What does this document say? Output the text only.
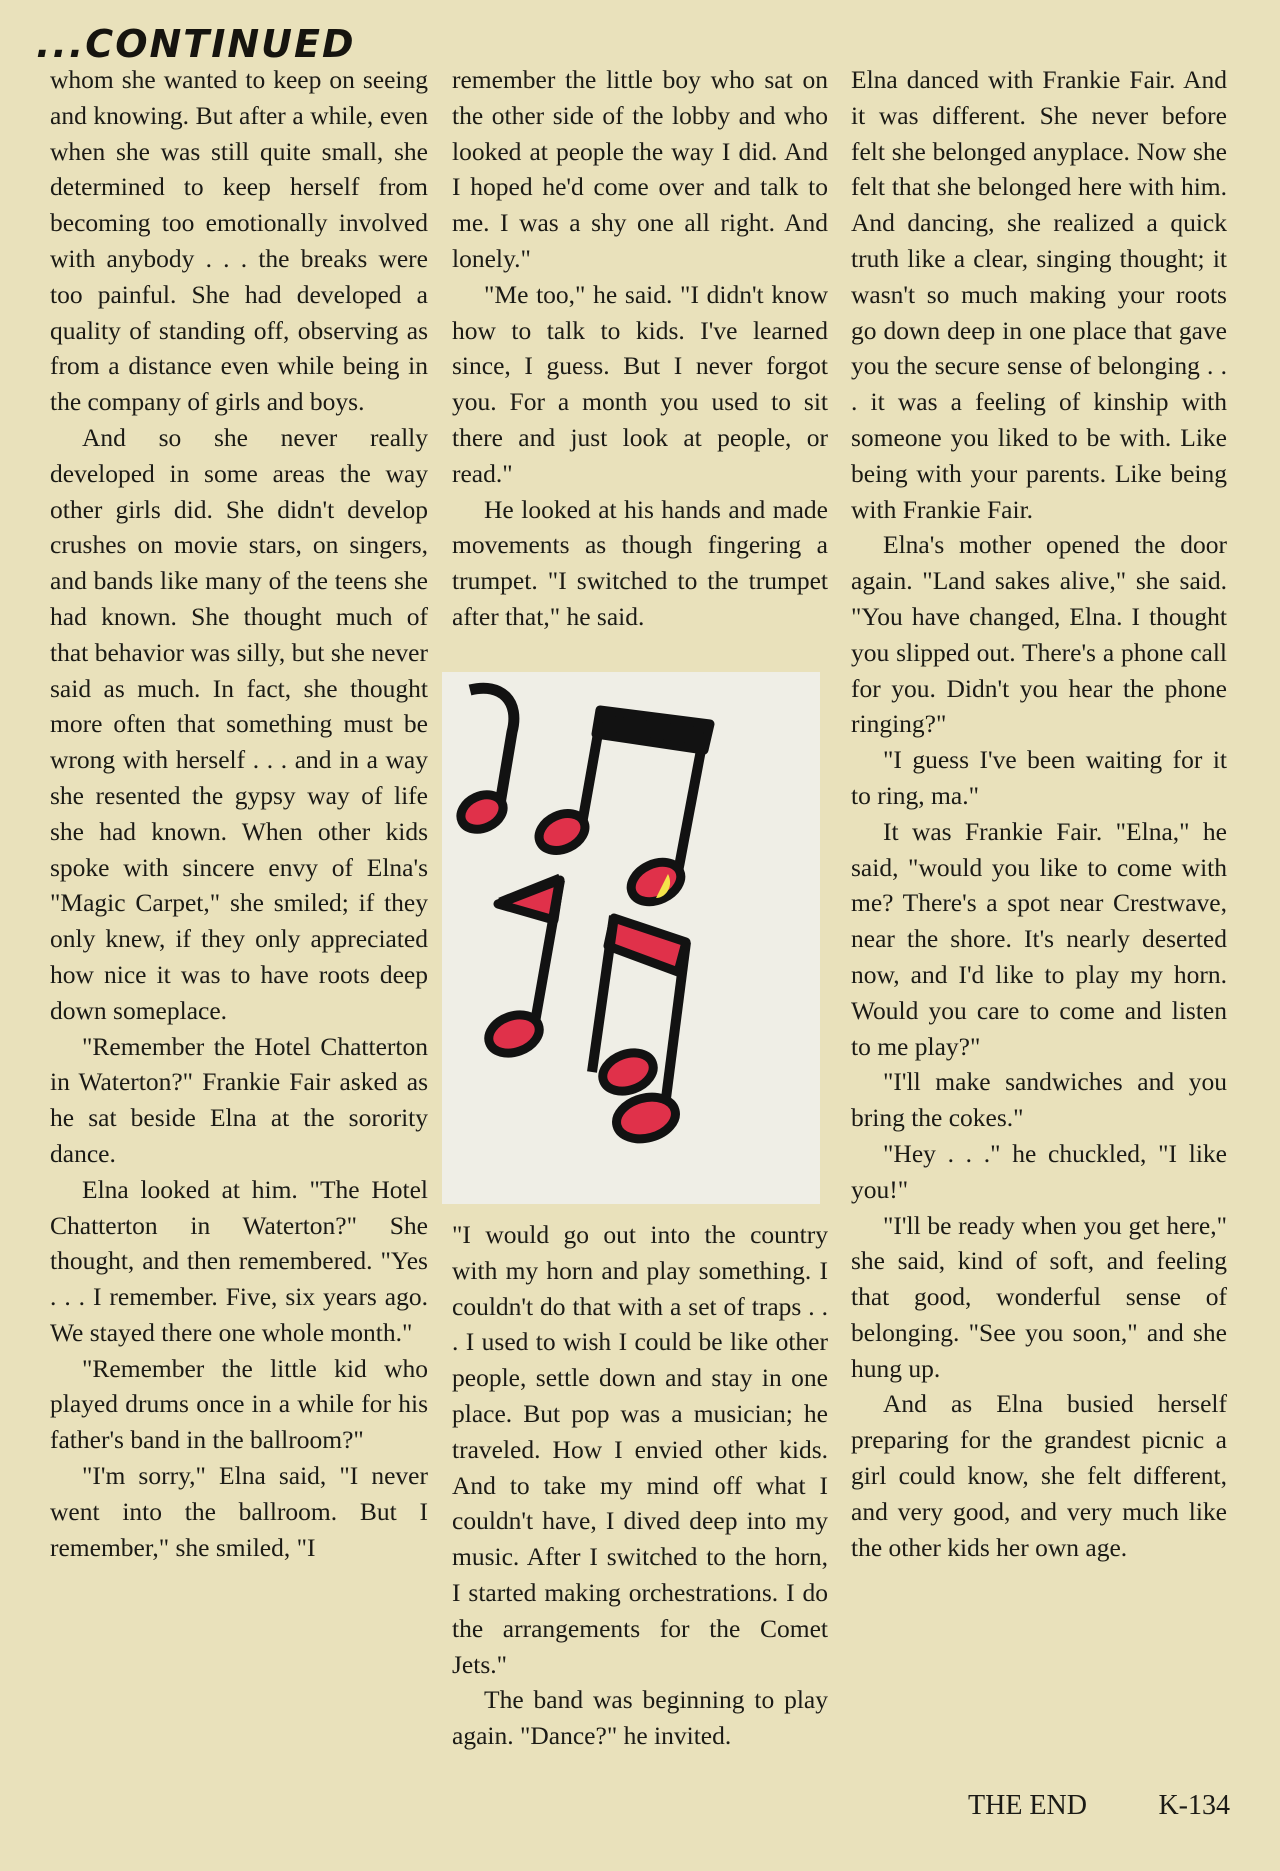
...CONTINUED

whom she wanted to keep on seeing and knowing. But after a while, even when she was still quite small, she determined to keep herself from becoming too emotionally involved with anybody . . . the breaks were too painful. She had developed a quality of standing off, observing as from a distance even while being in the company of girls and boys.

And so she never really developed in some areas the way other girls did. She didn't develop crushes on movie stars, on singers, and bands like many of the teens she had known. She thought much of that behavior was silly, but she never said as much. In fact, she thought more often that something must be wrong with herself . . . and in a way she resented the gypsy way of life she had known. When other kids spoke with sincere envy of Elna's "Magic Carpet," she smiled; if they only knew, if they only appreciated how nice it was to have roots deep down someplace.

"Remember the Hotel Chatterton in Waterton?" Frankie Fair asked as he sat beside Elna at the sorority dance.

Elna looked at him. "The Hotel Chatterton in Waterton?" She thought, and then remembered. "Yes . . . I remember. Five, six years ago. We stayed there one whole month."

"Remember the little kid who played drums once in a while for his father's band in the ballroom?"

"I'm sorry," Elna said, "I never went into the ballroom. But I remember," she smiled, "I

remember the little boy who sat on the other side of the lobby and who looked at people the way I did. And I hoped he'd come over and talk to me. I was a shy one all right. And lonely."

"Me too," he said. "I didn't know how to talk to kids. I've learned since, I guess. But I never forgot you. For a month you used to sit there and just look at people, or read."

He looked at his hands and made movements as though fingering a trumpet. "I switched to the trumpet after that," he said.

"I would go out into the country with my horn and play something. I couldn't do that with a set of traps . . . I used to wish I could be like other people, settle down and stay in one place. But pop was a musician; he traveled. How I envied other kids. And to take my mind off what I couldn't have, I dived deep into my music. After I switched to the horn, I started making orchestrations. I do the arrangements for the Comet Jets."

The band was beginning to play again. "Dance?" he invited.

Elna danced with Frankie Fair. And it was different. She never before felt she belonged anyplace. Now she felt that she belonged here with him. And dancing, she realized a quick truth like a clear, singing thought; it wasn't so much making your roots go down deep in one place that gave you the secure sense of belonging . . . it was a feeling of kinship with someone you liked to be with. Like being with your parents. Like being with Frankie Fair.

Elna's mother opened the door again. "Land sakes alive," she said. "You have changed, Elna. I thought you slipped out. There's a phone call for you. Didn't you hear the phone ringing?"

"I guess I've been waiting for it to ring, ma."

It was Frankie Fair. "Elna," he said, "would you like to come with me? There's a spot near Crestwave, near the shore. It's nearly deserted now, and I'd like to play my horn. Would you care to come and listen to me play?"

"I'll make sandwiches and you bring the cokes."

"Hey . . ." he chuckled, "I like you!"

"I'll be ready when you get here," she said, kind of soft, and feeling that good, wonderful sense of belonging. "See you soon," and she hung up.

And as Elna busied herself preparing for the grandest picnic a girl could know, she felt different, and very good, and very much like the other kids her own age.

THE END	K-134
